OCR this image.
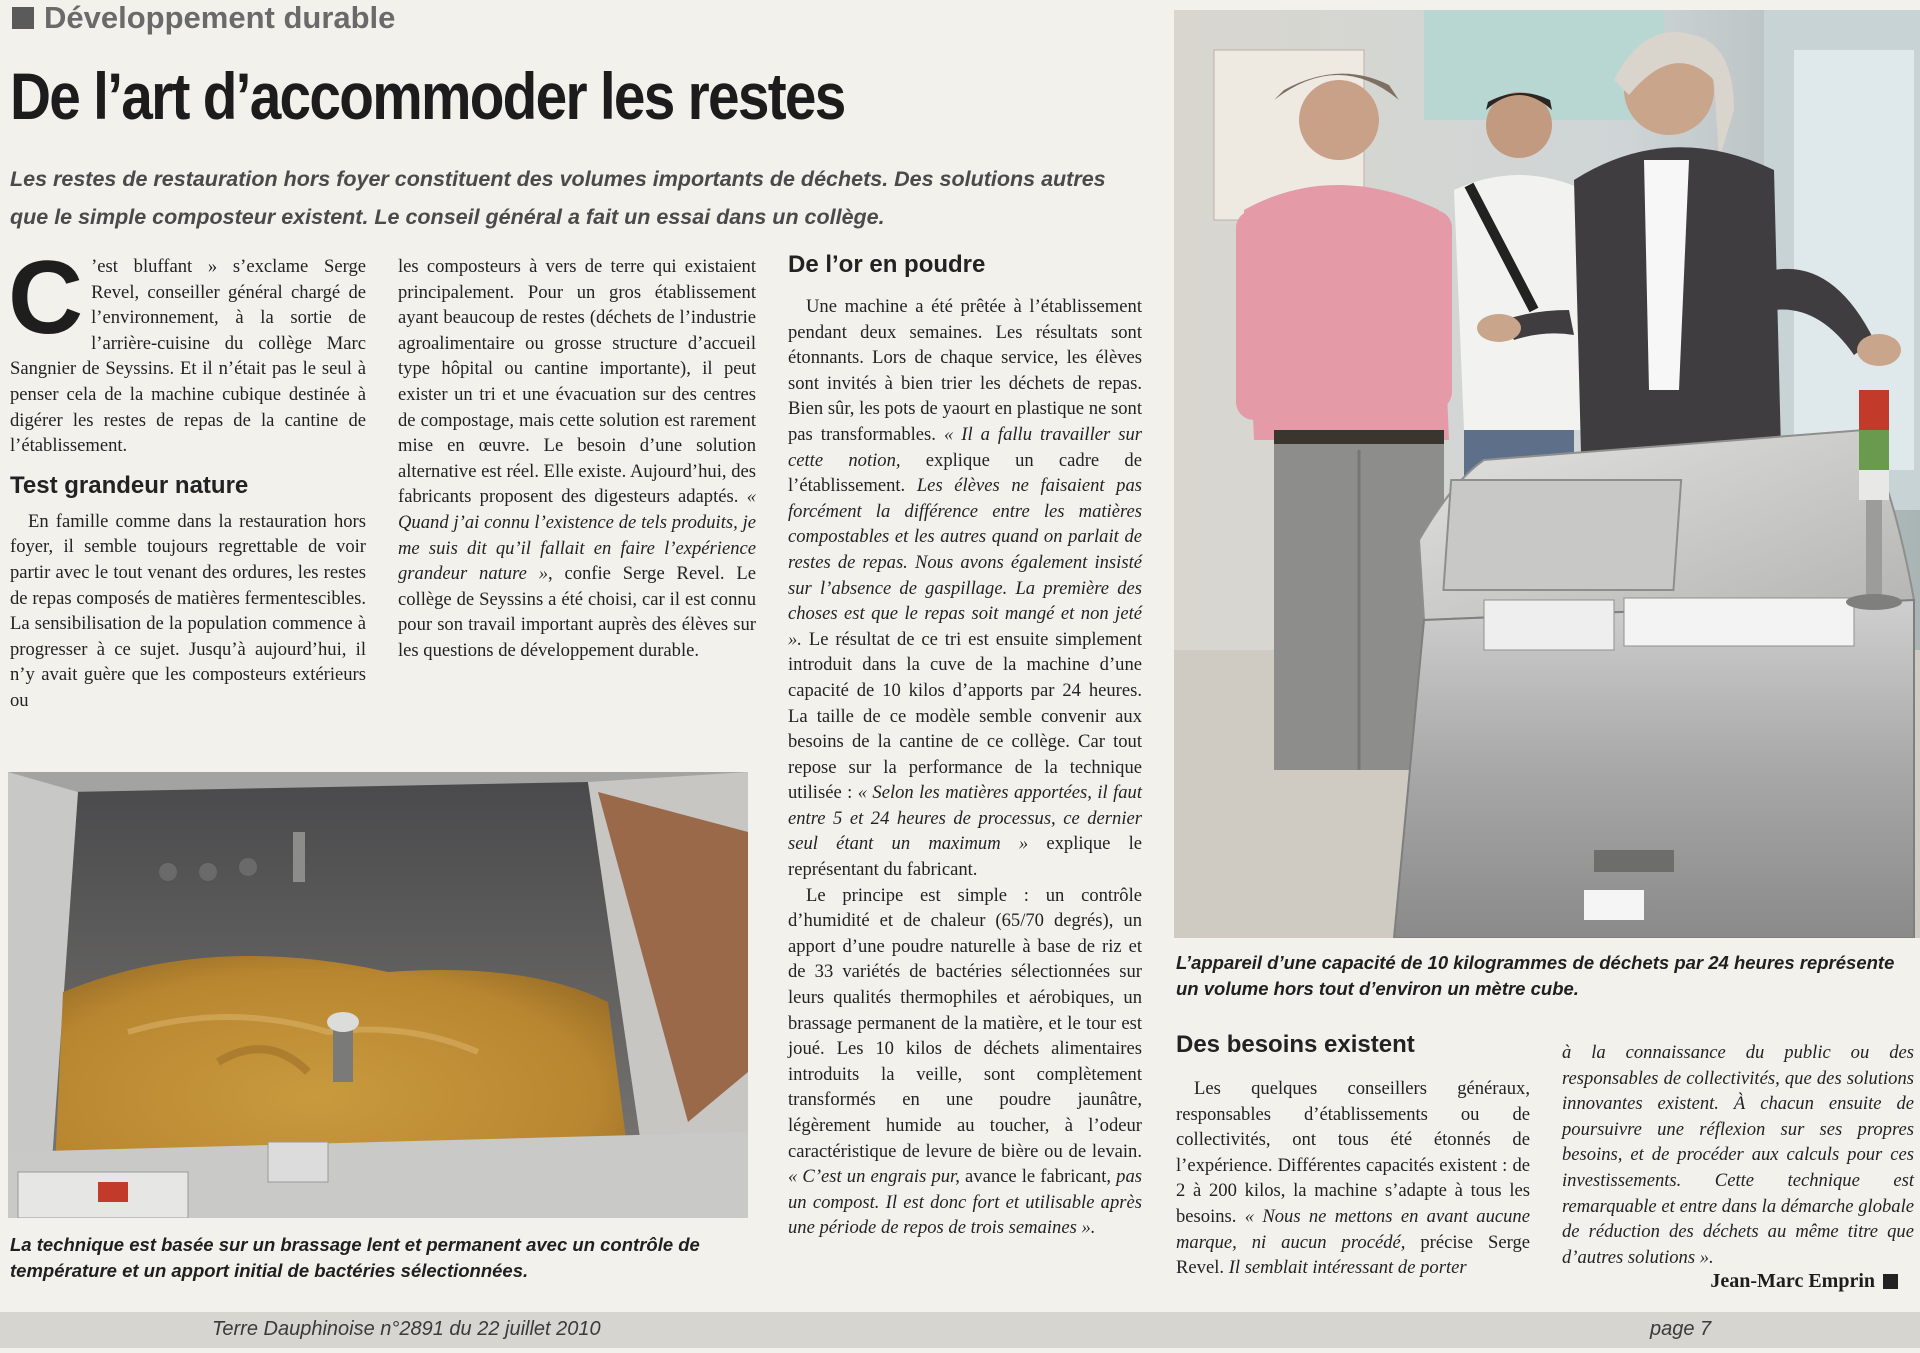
Développement durable
De l’art d’accommoder les restes
Les restes de restauration hors foyer constituent des volumes importants de déchets. Des solutions autres que le simple composteur existent. Le conseil général a fait un essai dans un collège.

C ’est bluffant » s’exclame Serge Revel, conseiller général chargé de l’environnement, à la sortie de l’arrière-cuisine du collège Marc Sangnier de Seyssins. Et il n’était pas le seul à penser cela de la machine cubique destinée à digérer les restes de repas de la cantine de l’établissement.

Test grandeur nature

En famille comme dans la restauration hors foyer, il semble toujours regrettable de voir partir avec le tout venant des ordures, les restes de repas composés de matières fermentescibles. La sensibilisation de la population commence à progresser à ce sujet. Jusqu’à aujourd’hui, il n’y avait guère que les composteurs extérieurs ou

les composteurs à vers de terre qui existaient principalement. Pour un gros établissement ayant beaucoup de restes (déchets de l’industrie agroalimentaire ou grosse structure d’accueil type hôpital ou cantine importante), il peut exister un tri et une évacuation sur des centres de compostage, mais cette solution est rarement mise en œuvre. Le besoin d’une solution alternative est réel. Elle existe. Aujourd’hui, des fabricants proposent des digesteurs adaptés. « Quand j’ai connu l’existence de tels produits, je me suis dit qu’il fallait en faire l’expérience grandeur nature », confie Serge Revel. Le collège de Seyssins a été choisi, car il est connu pour son travail important auprès des élèves sur les questions de développement durable.

De l’or en poudre

Une machine a été prêtée à l’établissement pendant deux semaines. Les résultats sont étonnants. Lors de chaque service, les élèves sont invités à bien trier les déchets de repas. Bien sûr, les pots de yaourt en plastique ne sont pas transformables. « Il a fallu travailler sur cette notion, explique un cadre de l’établissement. Les élèves ne faisaient pas forcément la différence entre les matières compostables et les autres quand on parlait de restes de repas. Nous avons également insisté sur l’absence de gaspillage. La première des choses est que le repas soit mangé et non jeté ». Le résultat de ce tri est ensuite simplement introduit dans la cuve de la machine d’une capacité de 10 kilos d’apports par 24 heures. La taille de ce modèle semble convenir aux besoins de la cantine de ce collège. Car tout repose sur la performance de la technique utilisée : « Selon les matières apportées, il faut entre 5 et 24 heures de processus, ce dernier seul étant un maximum » explique le représentant du fabricant.

Le principe est simple : un contrôle d’humidité et de chaleur (65/70 degrés), un apport d’une poudre naturelle à base de riz et de 33 variétés de bactéries sélectionnées sur leurs qualités thermophiles et aérobiques, un brassage permanent de la matière, et le tour est joué. Les 10 kilos de déchets alimentaires introduits la veille, sont complètement transformés en une poudre jaunâtre, légèrement humide au toucher, à l’odeur caractéristique de levure de bière ou de levain. « C’est un engrais pur, avance le fabricant, pas un compost. Il est donc fort et utilisable après une période de repos de trois semaines ».

L’appareil d’une capacité de 10 kilogrammes de déchets par 24 heures représente un volume hors tout d’environ un mètre cube.
Des besoins existent

Les quelques conseillers généraux, responsables d’établissements ou de collectivités, ont tous été étonnés de l’expérience. Différentes capacités existent : de 2 à 200 kilos, la machine s’adapte à tous les besoins. « Nous ne mettons en avant aucune marque, ni aucun procédé, précise Serge Revel. Il semblait intéressant de porter

à la connaissance du public ou des responsables de collectivités, que des solutions innovantes existent. À chacun ensuite de poursuivre une réflexion sur ses propres besoins, et de procéder aux calculs pour ces investissements. Cette technique est remarquable et entre dans la démarche globale de réduction des déchets au même titre que d’autres solutions ».

Jean-Marc Emprin
La technique est basée sur un brassage lent et permanent avec un contrôle de température et un apport initial de bactéries sélectionnées.
Terre Dauphinoise n°2891 du 22 juillet 2010	page 7
